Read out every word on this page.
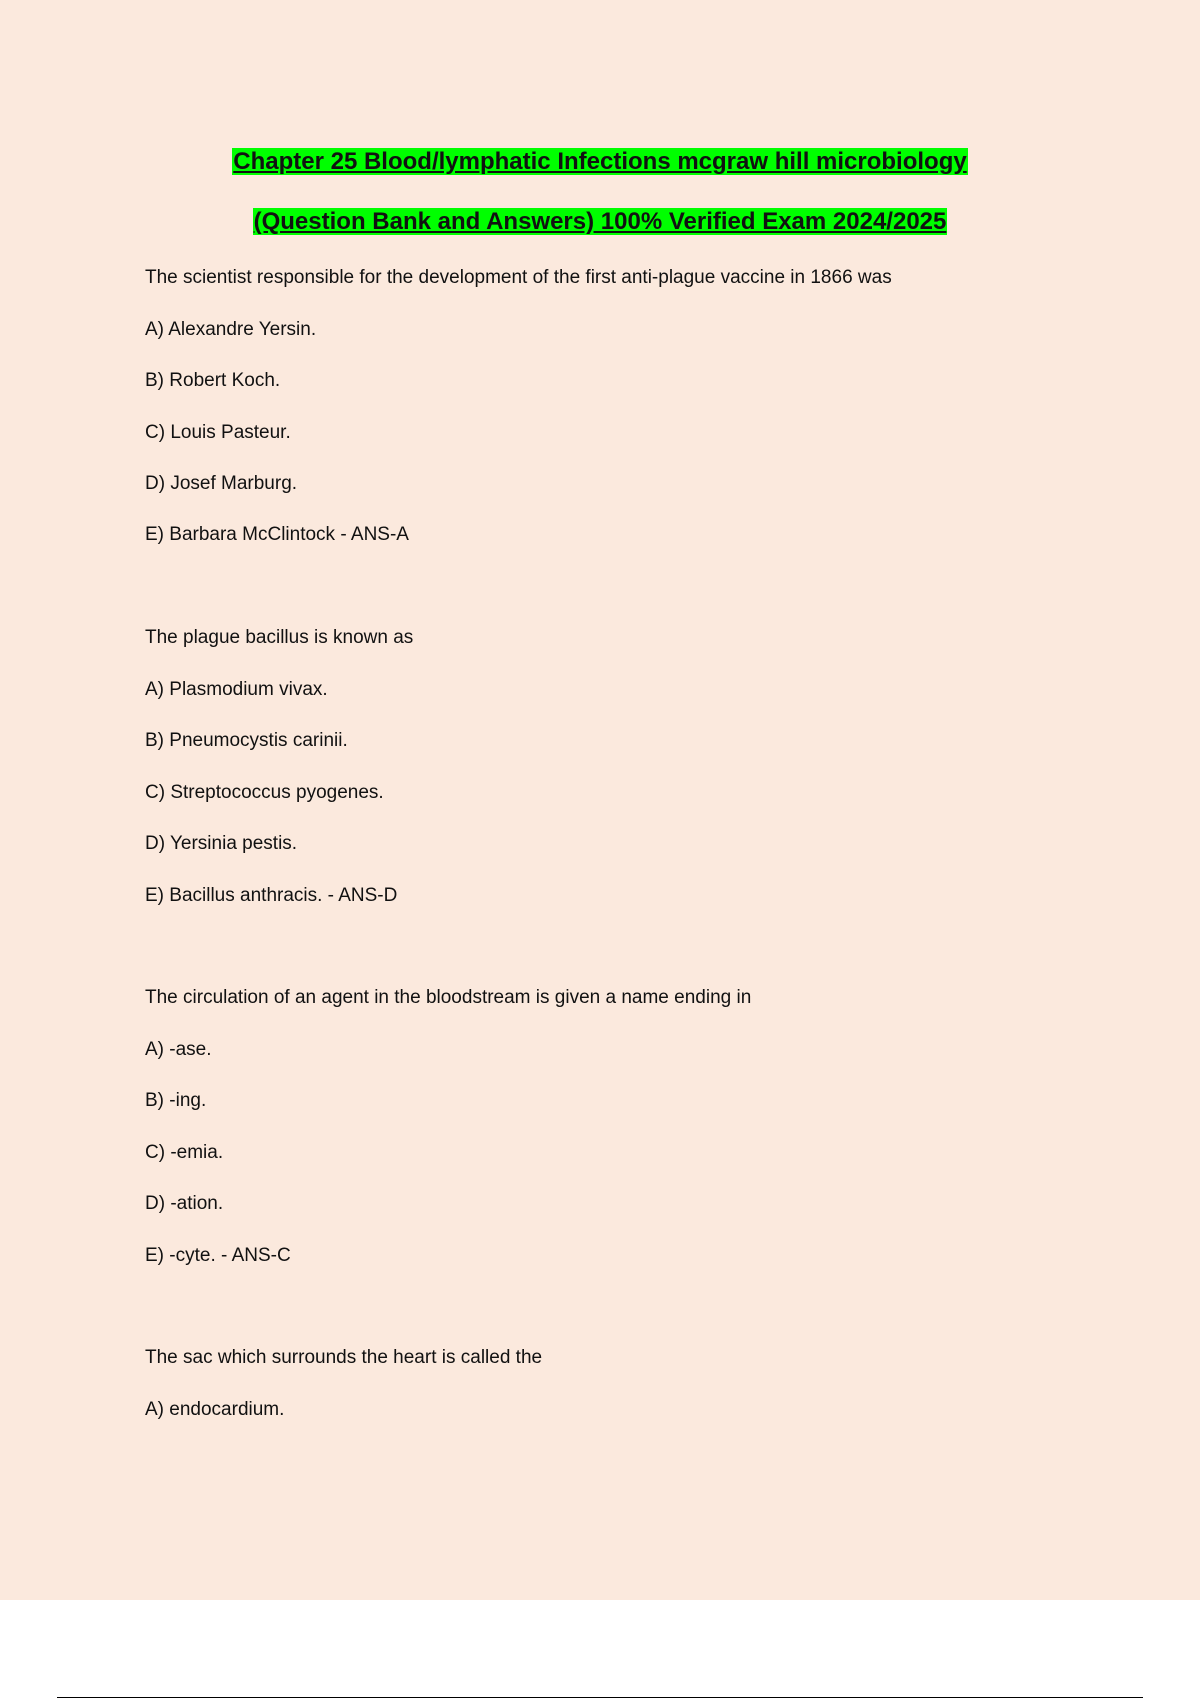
Chapter 25 Blood/lymphatic Infections mcgraw hill microbiology
(Question Bank and Answers) 100% Verified Exam 2024/2025
The scientist responsible for the development of the first anti-plague vaccine in 1866 was
A) Alexandre Yersin.
B) Robert Koch.
C) Louis Pasteur.
D) Josef Marburg.
E) Barbara McClintock - ANS-A
The plague bacillus is known as
A) Plasmodium vivax.
B) Pneumocystis carinii.
C) Streptococcus pyogenes.
D) Yersinia pestis.
E) Bacillus anthracis. - ANS-D
The circulation of an agent in the bloodstream is given a name ending in
A) -ase.
B) -ing.
C) -emia.
D) -ation.
E) -cyte. - ANS-C
The sac which surrounds the heart is called the
A) endocardium.
